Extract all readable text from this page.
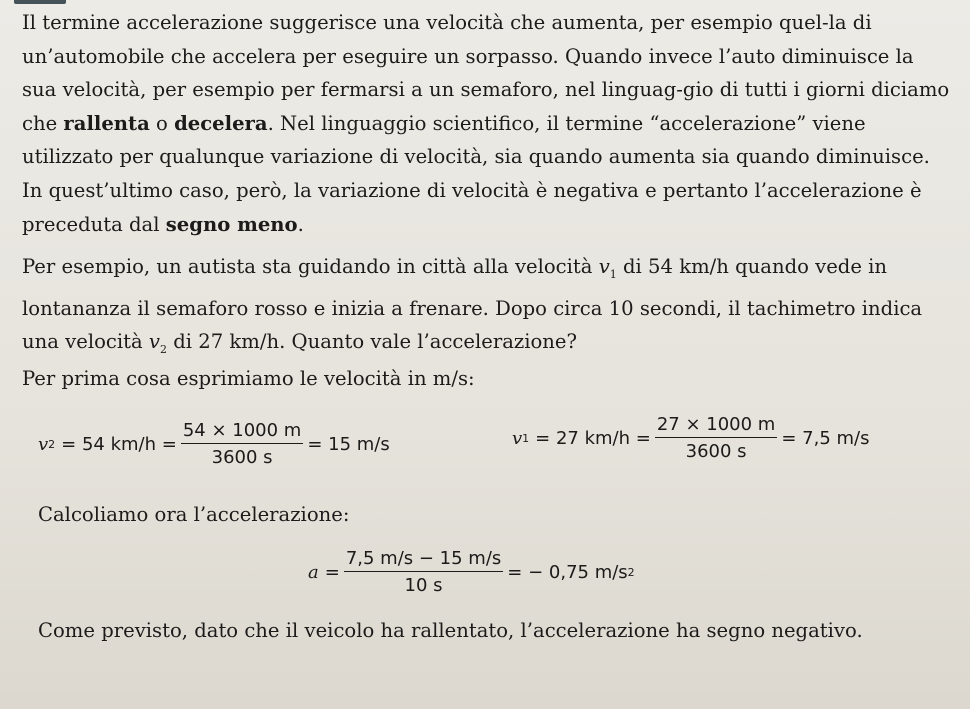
Il termine accelerazione suggerisce una velocità che aumenta, per esempio quel-la di un’automobile che accelera per eseguire un sorpasso. Quando invece l’auto diminuisce la sua velocità, per esempio per fermarsi a un semaforo, nel linguag-gio di tutti i giorni diciamo che rallenta o decelera. Nel linguaggio scientifico, il termine “accelerazione” viene utilizzato per qualunque variazione di velocità, sia quando aumenta sia quando diminuisce. In quest’ultimo caso, però, la variazione di velocità è negativa e pertanto l’accelerazione è preceduta dal segno meno.

Per esempio, un autista sta guidando in città alla velocità $v_1$ di 54 km/h quando vede in lontananza il semaforo rosso e inizia a frenare. Dopo circa 10 secondi, il tachimetro indica una velocità $v_2$ di 27 km/h. Quanto vale l’accelerazione?

Per prima cosa esprimiamo le velocità in m/s:

v 2 = 54 $km/h = \frac{54 \times 1000 m}{3600 s} = 15$ m/s	v 1 = 27 $km/h = \frac{27 \times 1000 m}{3600 s} = 7,5$ m/s

Calcoliamo ora l’accelerazione:

$a = \frac{7,5 m/s - 15 m/s}{10 s}$ = − 0,75 m/s 2

Come previsto, dato che il veicolo ha rallentato, l’accelerazione ha segno negativo.
